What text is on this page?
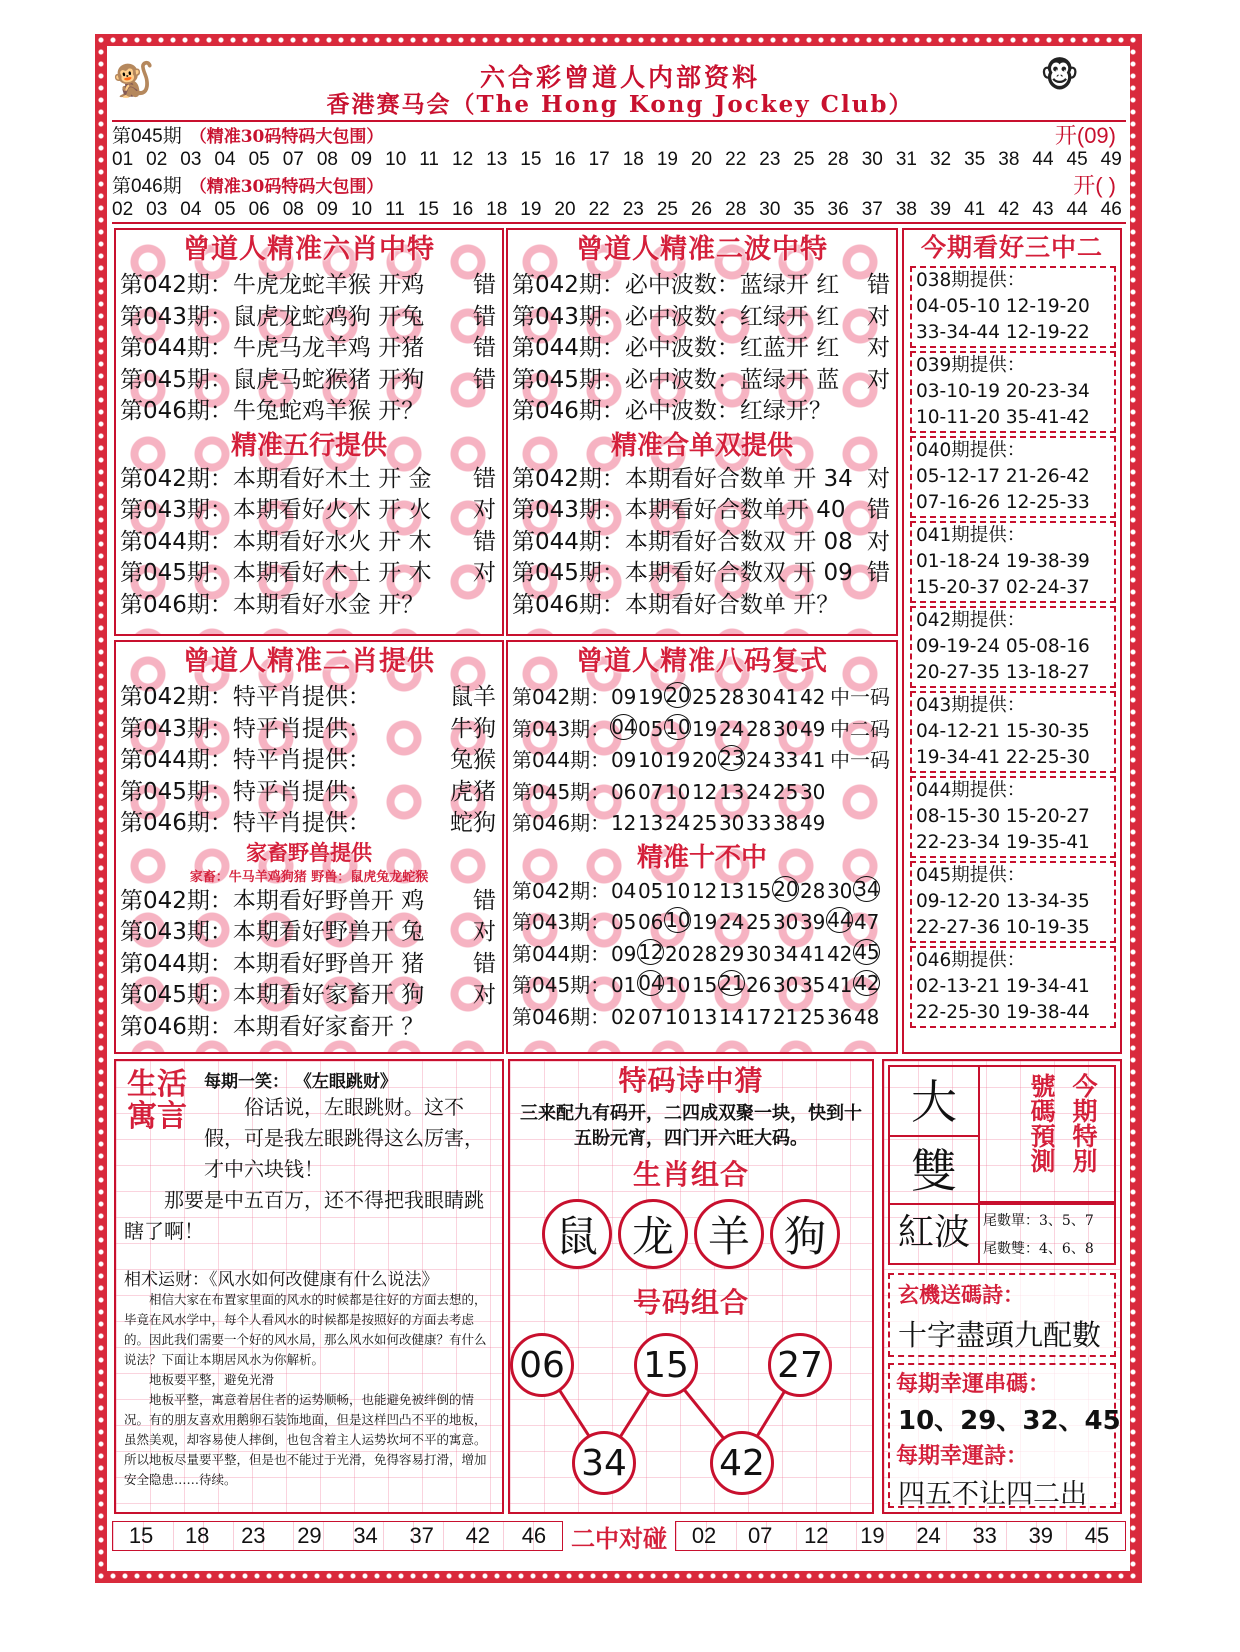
🐒	🐵
六合彩曾道人内部资料
香港赛马会（The Hong Kong Jockey Club）
第045期 （精准30码特码大包围）	开(09)
01 02 03 04 05 07 08 09 10 11 12 13 15 16 17 18 19 20 22 23 25 28 30 31 32 35 38 44 45 49
第046期 （精准30码特码大包围）	开( )
02 03 04 05 06 08 09 10 11 15 16 18 19 20 22 23 25 26 28 30 35 36 37 38 39 41 42 43 44 46
曾道人精准六肖中特
第042期： 牛虎龙蛇羊猴 开鸡 错
第043期： 鼠虎龙蛇鸡狗 开兔 错
第044期： 牛虎马龙羊鸡 开猪 错
第045期： 鼠虎马蛇猴猪 开狗 错
第046期： 牛兔蛇鸡羊猴 开？
精准五行提供
第042期： 本期看好木土 开 金 错
第043期： 本期看好火木 开 火 对
第044期： 本期看好水火 开 木 错
第045期： 本期看好木土 开 木 对
第046期： 本期看好水金 开？
曾道人精准二波中特
第042期： 必中波数：蓝绿开 红 错
第043期： 必中波数：红绿开 红 对
第044期： 必中波数：红蓝开 红 对
第045期： 必中波数：蓝绿开 蓝 对
第046期： 必中波数：红绿开？
精准合单双提供
第042期： 本期看好合数单 开 34 对
第043期： 本期看好合数单开 40 错
第044期： 本期看好合数双 开 08 对
第045期： 本期看好合数双 开 09 错
第046期： 本期看好合数单 开？
曾道人精准二肖提供
第042期： 特平肖提供：	鼠羊
第043期： 特平肖提供：	牛狗
第044期： 特平肖提供：	兔猴
第045期： 特平肖提供：	虎猪
第046期： 特平肖提供：	蛇狗
家畜野兽提供
家畜：牛马羊鸡狗猪 野兽：鼠虎兔龙蛇猴
第042期： 本期看好野兽开 鸡 错
第043期： 本期看好野兽开 兔 对
第044期： 本期看好野兽开 猪 错
第045期： 本期看好家畜开 狗 对
第046期： 本期看好家畜开 ？
曾道人精准八码复式
第042期： 09 19 20 25 28 30 41 42 中一码
第043期： 04 05 10 19 24 28 30 49 中二码
第044期： 09 10 19 20 23 24 33 41 中一码
第045期： 06 07 10 12 13 24 25 30
第046期： 12 13 24 25 30 33 38 49
精准十不中
第042期： 04 05 10 12 13 15 20 28 30 34
第043期： 05 06 10 19 24 25 30 39 44 47
第044期： 09 12 20 28 29 30 34 41 42 45
第045期： 01 04 10 15 21 26 30 35 41 42
第046期： 02 07 10 13 14 17 21 25 36 48
今期看好三中二
038期提供：
04-05-10 12-19-20
33-34-44 12-19-22
039期提供：
03-10-19 20-23-34
10-11-20 35-41-42
040期提供：
05-12-17 21-26-42
07-16-26 12-25-33
041期提供：
01-18-24 19-38-39
15-20-37 02-24-37
042期提供：
09-19-24 05-08-16
20-27-35 13-18-27
043期提供：
04-12-21 15-30-35
19-34-41 22-25-30
044期提供：
08-15-30 15-20-27
22-23-34 19-35-41
045期提供：
09-12-20 13-34-35
22-27-36 10-19-35
046期提供：
02-13-21 19-34-41
22-25-30 19-38-44
生活寓言
每期一笑： 《左眼跳财》
俗话说，左眼跳财。这不假，可是我左眼跳得这么厉害，才中六块钱！
那要是中五百万，还不得把我眼睛跳瞎了啊！
相术运财：《风水如何改健康有什么说法》
相信大家在布置家里面的风水的时候都是往好的方面去想的，毕竟在风水学中，每个人看风水的时候都是按照好的方面去考虑的。因此我们需要一个好的风水局，那么风水如何改健康？有什么说法？下面让本期居风水为你解析。
地板要平整，避免光滑
地板平整，寓意着居住者的运势顺畅，也能避免被绊倒的情况。有的朋友喜欢用鹅卵石装饰地面，但是这样凹凸不平的地板，虽然美观，却容易使人摔倒，也包含着主人运势坎坷不平的寓意。所以地板尽量要平整，但是也不能过于光滑，免得容易打滑，增加安全隐患……待续。
特码诗中猜
三来配九有码开，二四成双聚一块，快到十五盼元宵，四门开六旺大码。
生肖组合
鼠 龙 羊 狗
号码组合
06 15 27
34	42
大
雙
紅波
今期特別號碼預測
尾數單：3、5、7
尾數雙：4、6、8
玄機送碼詩：
十字盡頭九配數
每期幸運串碼：
10、29、32、45
每期幸運詩：
四五不让四二出
15 18 23 29 34 37 42 46	二中对碰	02 07 12 19 24 33 39 45
